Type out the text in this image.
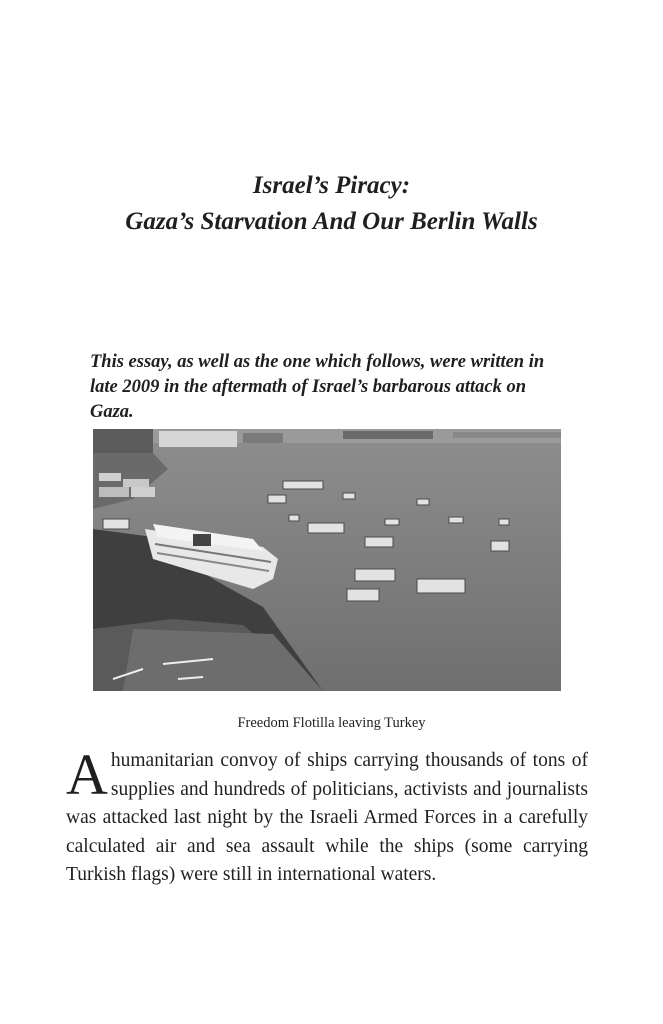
Israel’s Piracy:
Gaza’s Starvation And Our Berlin Walls
This essay, as well as the one which follows, were written in late 2009 in the aftermath of Israel’s barbarous attack on Gaza.
Freedom Flotilla leaving Turkey
A humanitarian convoy of ships carrying thousands of tons of supplies and hundreds of politicians, activists and journalists was attacked last night by the Israeli Armed Forces in a carefully calculated air and sea assault while the ships (some carrying Turkish flags) were still in international waters.
